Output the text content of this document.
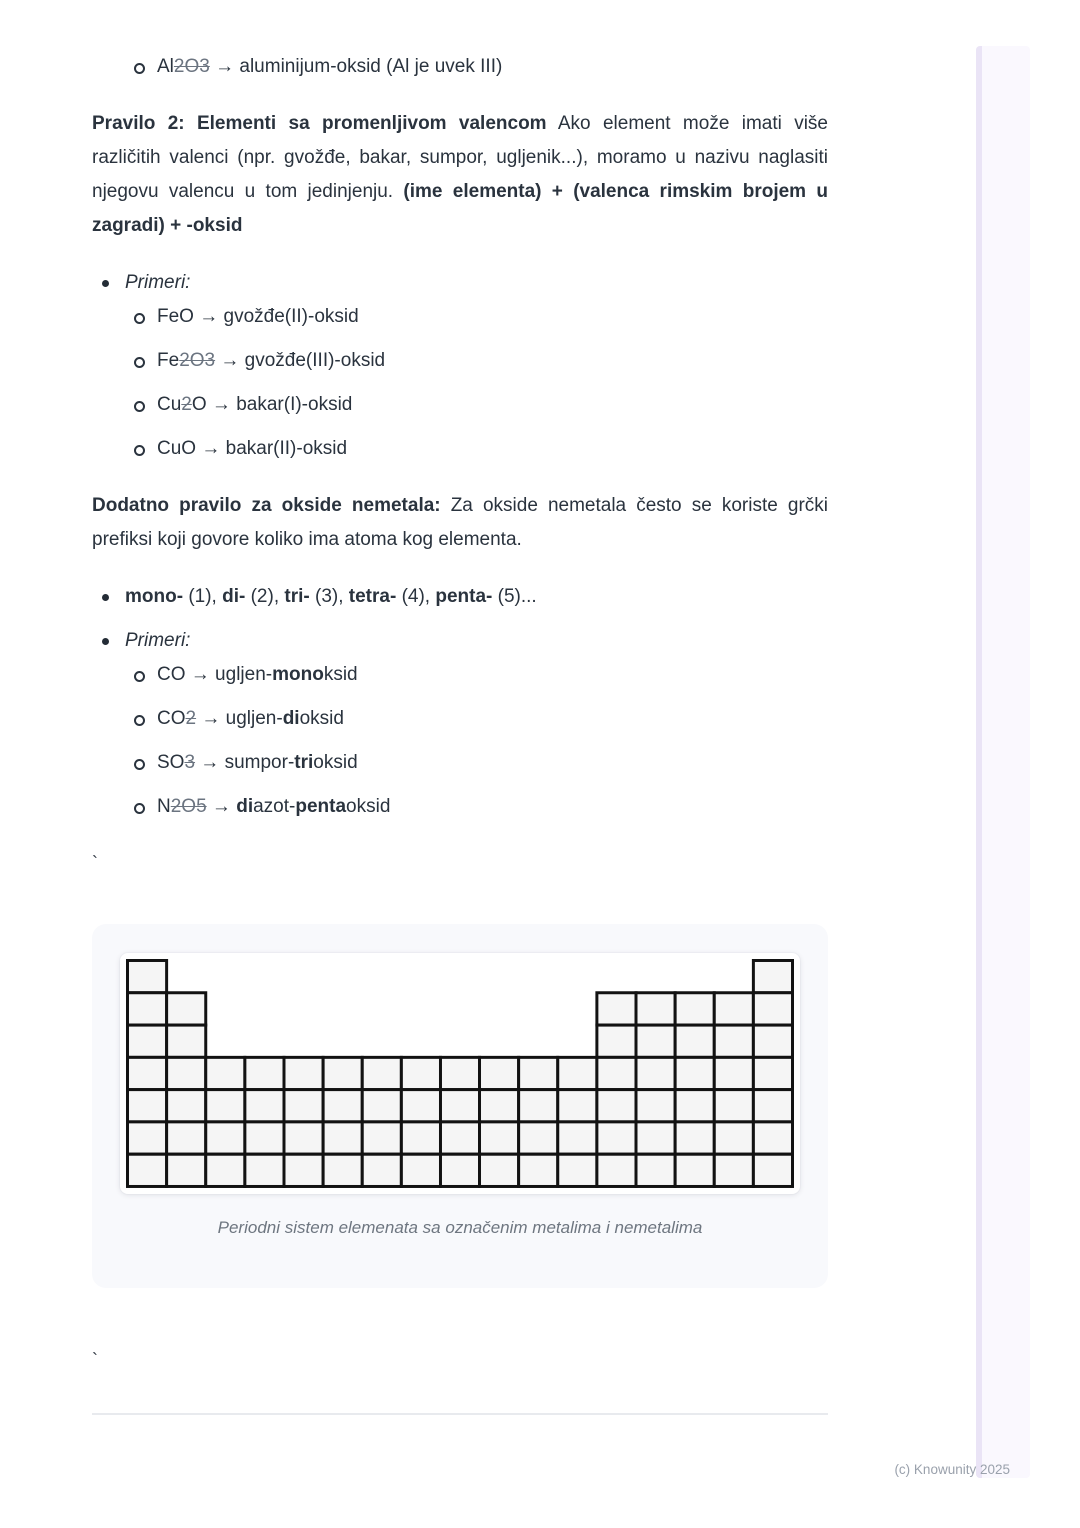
Al2O3 → aluminijum-oksid (Al je uvek III)

Pravilo 2: Elementi sa promenljivom valencom Ako element može imati više različitih valenci (npr. gvožđe, bakar, sumpor, ugljenik...), moramo u nazivu naglasiti njegovu valencu u tom jedinjenju. (ime elementa) + (valenca rimskim brojem u zagradi) + -oksid

Primeri:
FeO → gvožđe(II)-oksid
Fe2O3 → gvožđe(III)-oksid
Cu2O → bakar(I)-oksid
CuO → bakar(II)-oksid

Dodatno pravilo za okside nemetala: Za okside nemetala često se koriste grčki prefiksi koji govore koliko ima atoma kog elementa.

mono- (1), di- (2), tri- (3), tetra- (4), penta- (5)...
Primeri:
CO → ugljen-monoksid
CO2 → ugljen-dioksid
SO3 → sumpor-trioksid
N2O5 → diazot-pentaoksid
`
Periodni sistem elemenata sa označenim metalima i nemetalima
`
(c) Knowunity 2025
